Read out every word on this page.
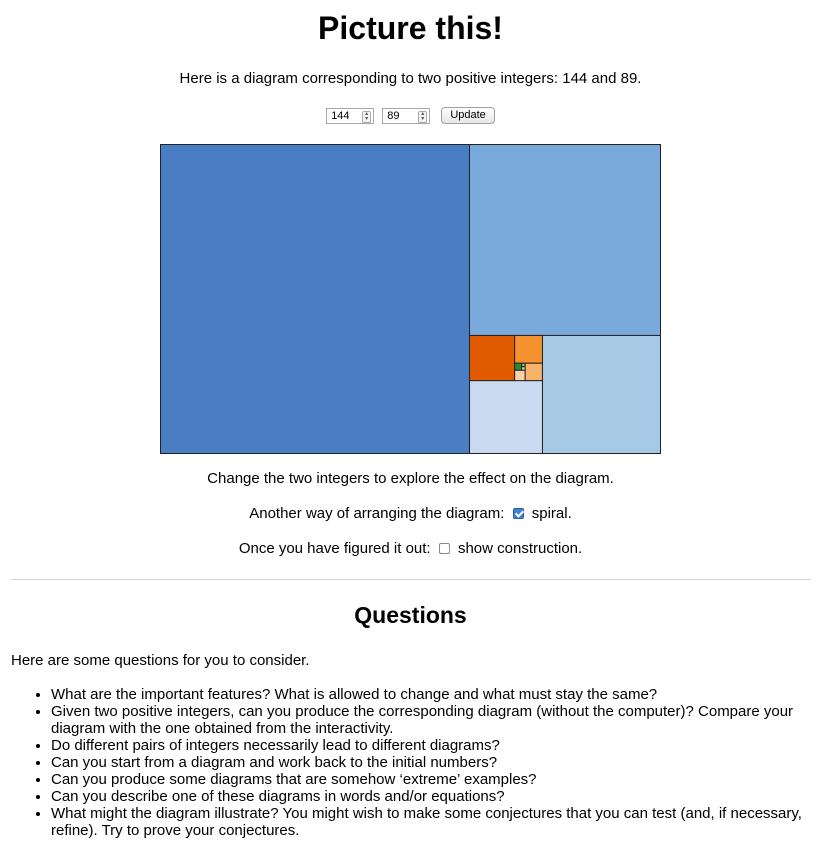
Picture this!
Here is a diagram corresponding to two positive integers: 144 and 89.
144	▴
▾ 89	▴
▾ Update
Change the two integers to explore the effect on the diagram.
Another way of arranging the diagram: spiral.
Once you have figured it out: show construction.
Questions
Here are some questions for you to consider.
• What are the important features? What is allowed to change and what must stay the same?
• Given two positive integers, can you produce the corresponding diagram (without the computer)? Compare your diagram with the one obtained from the interactivity.
• Do different pairs of integers necessarily lead to different diagrams?
• Can you start from a diagram and work back to the initial numbers?
• Can you produce some diagrams that are somehow ‘extreme’ examples?
• Can you describe one of these diagrams in words and/or equations?
• What might the diagram illustrate? You might wish to make some conjectures that you can test (and, if necessary, refine). Try to prove your conjectures.
